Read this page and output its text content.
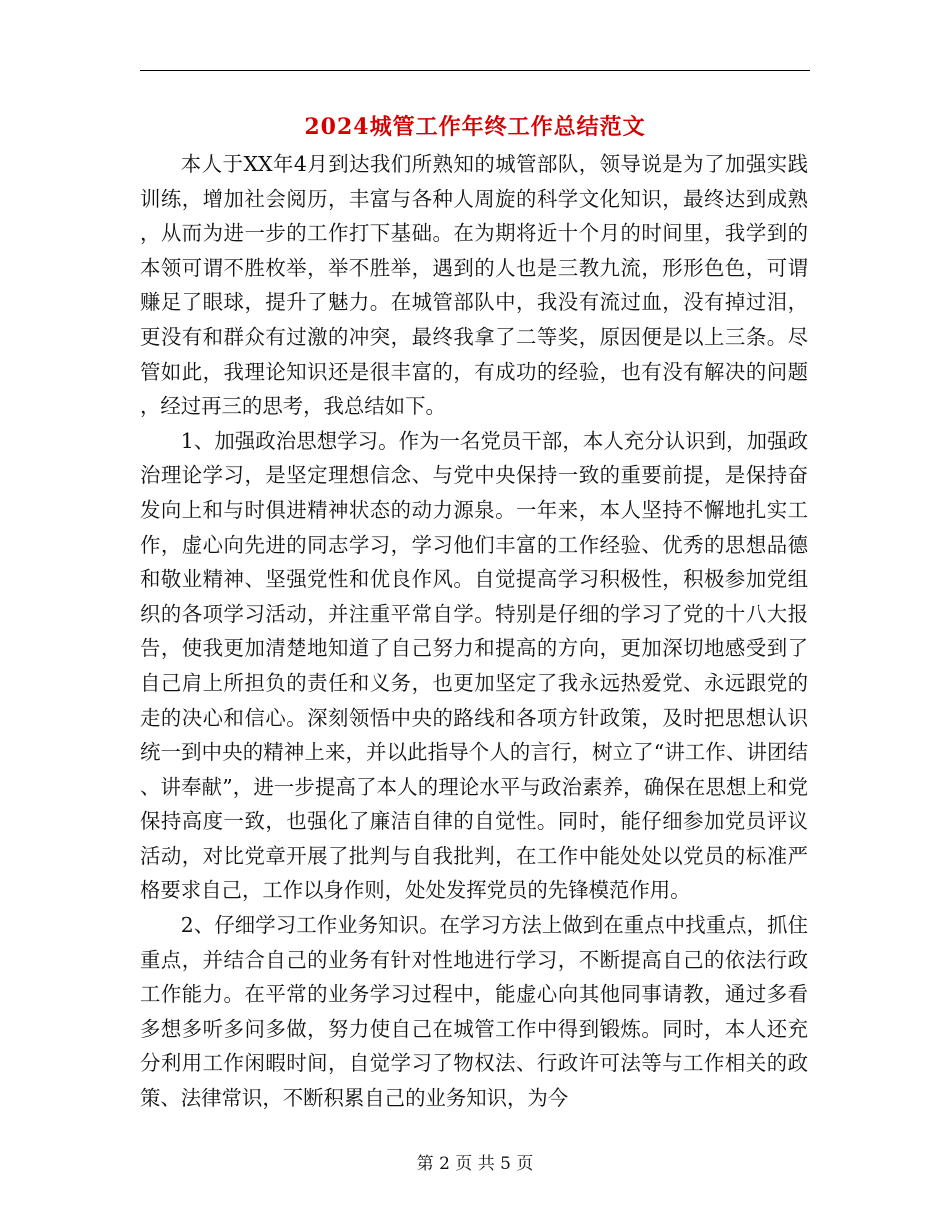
2024城管工作年终工作总结范文

本人于XX年4月到达我们所熟知的城管部队，领导说是为了加强实践训练，增加社会阅历，丰富与各种人周旋的科学文化知识，最终达到成熟，从而为进一步的工作打下基础。在为期将近十个月的时间里，我学到的本领可谓不胜枚举，举不胜举，遇到的人也是三教九流，形形色色，可谓赚足了眼球，提升了魅力。在城管部队中，我没有流过血，没有掉过泪，更没有和群众有过激的冲突，最终我拿了二等奖，原因便是以上三条。尽管如此，我理论知识还是很丰富的，有成功的经验，也有没有解决的问题，经过再三的思考，我总结如下。

1、加强政治思想学习。作为一名党员干部，本人充分认识到，加强政治理论学习，是坚定理想信念、与党中央保持一致的重要前提，是保持奋发向上和与时俱进精神状态的动力源泉。一年来，本人坚持不懈地扎实工作，虚心向先进的同志学习，学习他们丰富的工作经验、优秀的思想品德和敬业精神、坚强党性和优良作风。自觉提高学习积极性，积极参加党组织的各项学习活动，并注重平常自学。特别是仔细的学习了党的十八大报告，使我更加清楚地知道了自己努力和提高的方向，更加深切地感受到了自己肩上所担负的责任和义务，也更加坚定了我永远热爱党、永远跟党的走的决心和信心。深刻领悟中央的路线和各项方针政策，及时把思想认识统一到中央的精神上来，并以此指导个人的言行，树立了“讲工作、讲团结、讲奉献”，进一步提高了本人的理论水平与政治素养，确保在思想上和党保持高度一致，也强化了廉洁自律的自觉性。同时，能仔细参加党员评议活动，对比党章开展了批判与自我批判，在工作中能处处以党员的标准严格要求自己，工作以身作则，处处发挥党员的先锋模范作用。

2、仔细学习工作业务知识。在学习方法上做到在重点中找重点，抓住重点，并结合自己的业务有针对性地进行学习，不断提高自己的依法行政工作能力。在平常的业务学习过程中，能虚心向其他同事请教，通过多看多想多听多问多做，努力使自己在城管工作中得到锻炼。同时，本人还充分利用工作闲暇时间，自觉学习了物权法、行政许可法等与工作相关的政策、法律常识，不断积累自己的业务知识，为今

第 2 页 共 5 页
